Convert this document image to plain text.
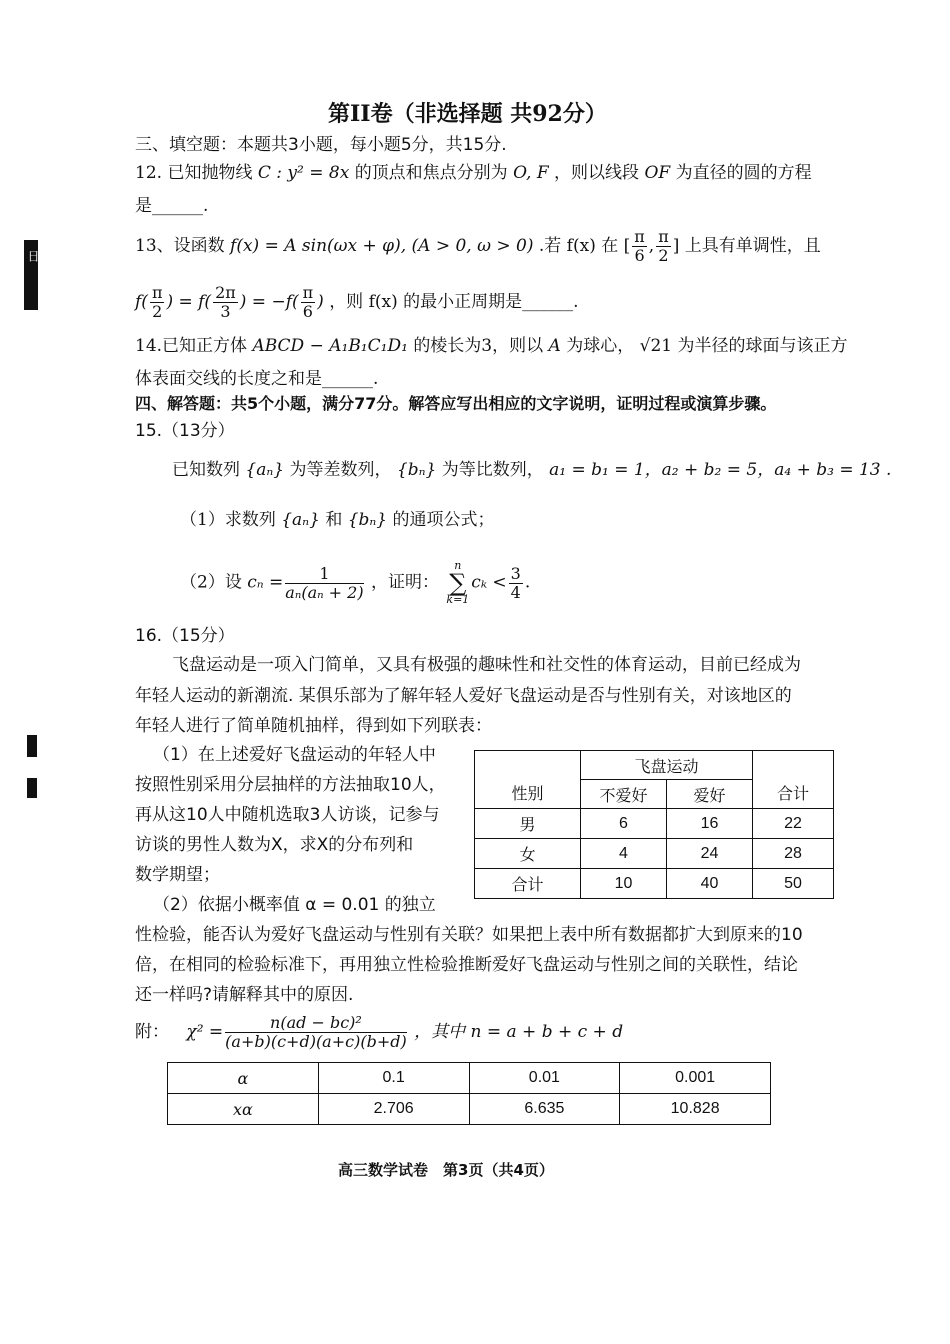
日
第II卷（非选择题 共92分）
三、填空题：本题共3小题，每小题5分，共15分.
12. 已知抛物线 C : y² = 8x 的顶点和焦点分别为 O, F ，则以线段 OF 为直径的圆的方程
是______.
13、设函数 f(x) = A sin(ωx + φ), (A > 0, ω > 0) .若 f(x) 在 [ $\frac{\pi}{6}$ , $\frac{\pi}{2}$ ] 上具有单调性，且
$f( \frac{\pi}{2}$ ) = $f( \frac{2\pi}{3}$ ) = $-f( \frac{\pi}{6}$ ) ，则 f(x) 的最小正周期是______.
14.已知正方体 ABCD − A₁B₁C₁D₁ 的棱长为3，则以 A 为球心， √21 为半径的球面与该正方
体表面交线的长度之和是______.
四、解答题：共5个小题，满分77分。解答应写出相应的文字说明，证明过程或演算步骤。
15.（13分）
已知数列 {aₙ} 为等差数列， {bₙ} 为等比数列， a₁ = b₁ = 1，a₂ + b₂ = 5，a₄ + b₃ = 13 .
（1）求数列 {aₙ} 和 {bₙ} 的通项公式；
（2）设 $c_n = \frac{1}{\text{aₙ(aₙ + 2)}}$ ，证明：
n
∑
k=1
$c_k < \frac{3}{4}$ .
16.（15分）
飞盘运动是一项入门简单，又具有极强的趣味性和社交性的体育运动，目前已经成为
年轻人运动的新潮流. 某俱乐部为了解年轻人爱好飞盘运动是否与性别有关，对该地区的
年轻人进行了简单随机抽样，得到如下列联表：
（1）在上述爱好飞盘运动的年轻人中
按照性别采用分层抽样的方法抽取10人，
再从这10人中随机选取3人访谈，记参与
访谈的男性人数为X，求X的分布列和
数学期望；
（2）依据小概率值 α = 0.01 的独立
性检验，能否认为爱好飞盘运动与性别有关联？如果把上表中所有数据都扩大到原来的10
倍，在相同的检验标准下，再用独立性检验推断爱好飞盘运动与性别之间的关联性，结论
还一样吗?请解释其中的原因.
性别	飞盘运动		合计
	不爱好	爱好	
男	6	16	22
女	4	24	28
合计	10	40	50
附： $\chi^2 = \frac{\text{n(ad − bc)²}}{(a+b)(c+d)(a+c)(b+d)}$ ，其中 n = a + b + c + d
α	0.1	0.01	0.001
xα	2.706	6.635	10.828
高三数学试卷　第3页（共4页）
